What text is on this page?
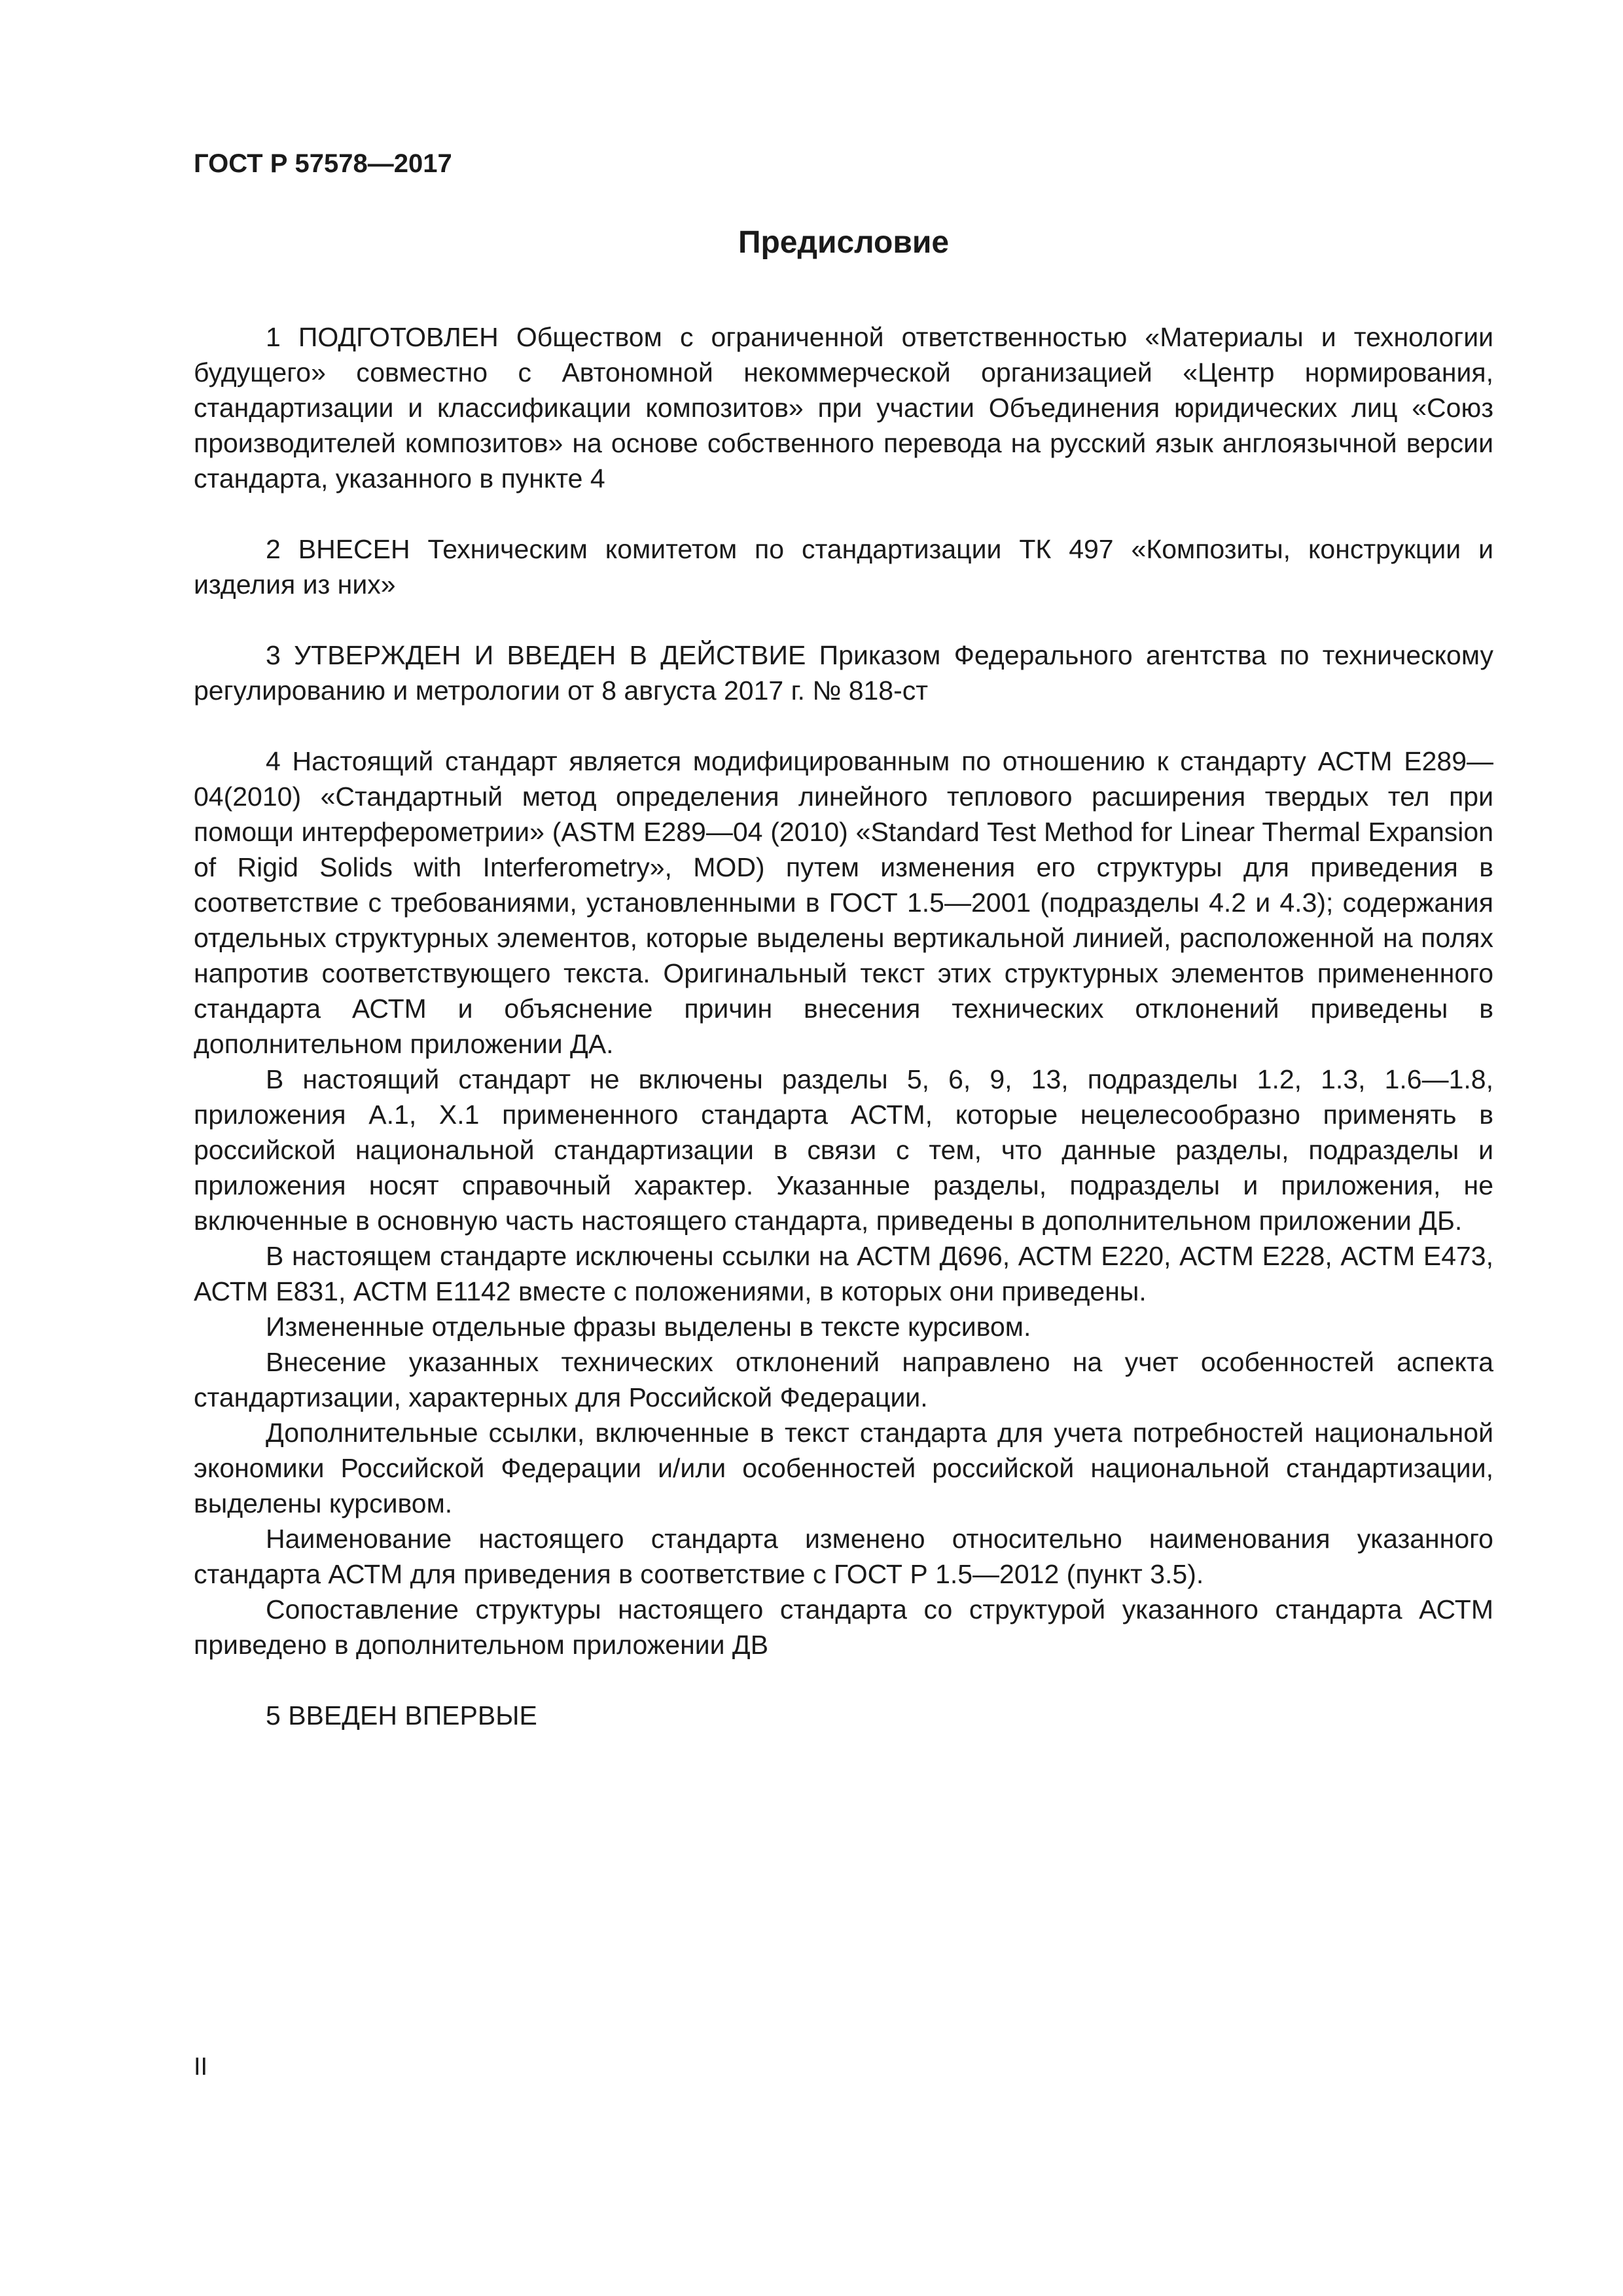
ГОСТ Р 57578—2017

Предисловие

1 ПОДГОТОВЛЕН Обществом с ограниченной ответственностью «Материалы и технологии будущего» совместно с Автономной некоммерческой организацией «Центр нормирования, стандартизации и классификации композитов» при участии Объединения юридических лиц «Союз производителей композитов» на основе собственного перевода на русский язык англоязычной версии стандарта, указанного в пункте 4

2 ВНЕСЕН Техническим комитетом по стандартизации ТК 497 «Композиты, конструкции и изделия из них»

3 УТВЕРЖДЕН И ВВЕДЕН В ДЕЙСТВИЕ Приказом Федерального агентства по техническому регулированию и метрологии от 8 августа 2017 г. № 818-ст

4 Настоящий стандарт является модифицированным по отношению к стандарту АСТМ Е289—04(2010) «Стандартный метод определения линейного теплового расширения твердых тел при помощи интерферометрии» (ASTM E289—04 (2010) «Standard Test Method for Linear Thermal Expansion of Rigid Solids with Interferometry», MOD) путем изменения его структуры для приведения в соответствие с требованиями, установленными в ГОСТ 1.5—2001 (подразделы 4.2 и 4.3); содержания отдельных структурных элементов, которые выделены вертикальной линией, расположенной на полях напротив соответствующего текста. Оригинальный текст этих структурных элементов примененного стандарта АСТМ и объяснение причин внесения технических отклонений приведены в дополнительном приложении ДА.

В настоящий стандарт не включены разделы 5, 6, 9, 13, подразделы 1.2, 1.3, 1.6—1.8, приложения А.1, Х.1 примененного стандарта АСТМ, которые нецелесообразно применять в российской национальной стандартизации в связи с тем, что данные разделы, подразделы и приложения носят справочный характер. Указанные разделы, подразделы и приложения, не включенные в основную часть настоящего стандарта, приведены в дополнительном приложении ДБ.

В настоящем стандарте исключены ссылки на АСТМ Д696, АСТМ Е220, АСТМ Е228, АСТМ Е473, АСТМ Е831, АСТМ Е1142 вместе с положениями, в которых они приведены.

Измененные отдельные фразы выделены в тексте курсивом.

Внесение указанных технических отклонений направлено на учет особенностей аспекта стандартизации, характерных для Российской Федерации.

Дополнительные ссылки, включенные в текст стандарта для учета потребностей национальной экономики Российской Федерации и/или особенностей российской национальной стандартизации, выделены курсивом.

Наименование настоящего стандарта изменено относительно наименования указанного стандарта АСТМ для приведения в соответствие с ГОСТ Р 1.5—2012 (пункт 3.5).

Сопоставление структуры настоящего стандарта со структурой указанного стандарта АСТМ приведено в дополнительном приложении ДВ

5 ВВЕДЕН ВПЕРВЫЕ

II
